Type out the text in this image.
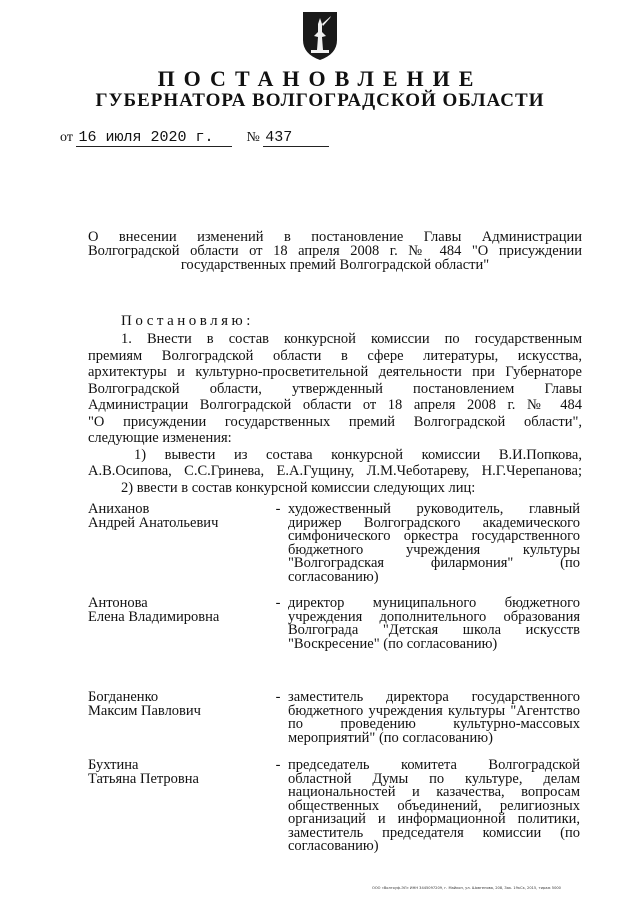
ПОСТАНОВЛЕНИЕ
ГУБЕРНАТОРА ВОЛГОГРАДСКОЙ ОБЛАСТИ
от 16 июля 2020 г. № 437

О внесении изменений в постановление Главы Администрации

Волгоградской области от 18 апреля 2008 г. № 484 "О присуждении

государственных премий Волгоградской области"

Постановляю:

1. Внести в состав конкурсной комиссии по государственным

премиям Волгоградской области в сфере литературы, искусства,

архитектуры и культурно-просветительной деятельности при Губернаторе

Волгоградской области, утвержденный постановлением Главы

Администрации Волгоградской области от 18 апреля 2008 г. № 484

"О присуждении государственных премий Волгоградской области",

следующие изменения:

1) вывести из состава конкурсной комиссии В.И.Попкова,

А.В.Осипова, С.С.Гринева, Е.А.Гущину, Л.М.Чеботареву, Н.Г.Черепанова;

2) ввести в состав конкурсной комиссии следующих лиц:

Аниханов
Андрей Анатольевич
- художественный руководитель, главный дирижер Волгоградского академического симфонического оркестра государственного бюджетного учреждения культуры "Волгоградская филармония" (по согласованию)
Антонова
Елена Владимировна
- директор муниципального бюджетного учреждения дополнительного образования Волгограда "Детская школа искусств "Воскресение" (по согласованию)
Богданенко
Максим Павлович
- заместитель директора государственного бюджетного учреждения культуры "Агентство по проведению культурно-массовых мероприятий" (по согласованию)
Бухтина
Татьяна Петровна
- председатель комитета Волгоградской областной Думы по культуре, делам национальностей и казачества, вопросам общественных объединений, религиозных организаций и информационной политики, заместитель председателя комиссии (по согласованию)
ООО «Волгоуф-ЭЛ» ИНН 3445097209, г. Майкоп, ул. Шовгенова, 208, Зак. 19кСк, 2015, тираж 5000
